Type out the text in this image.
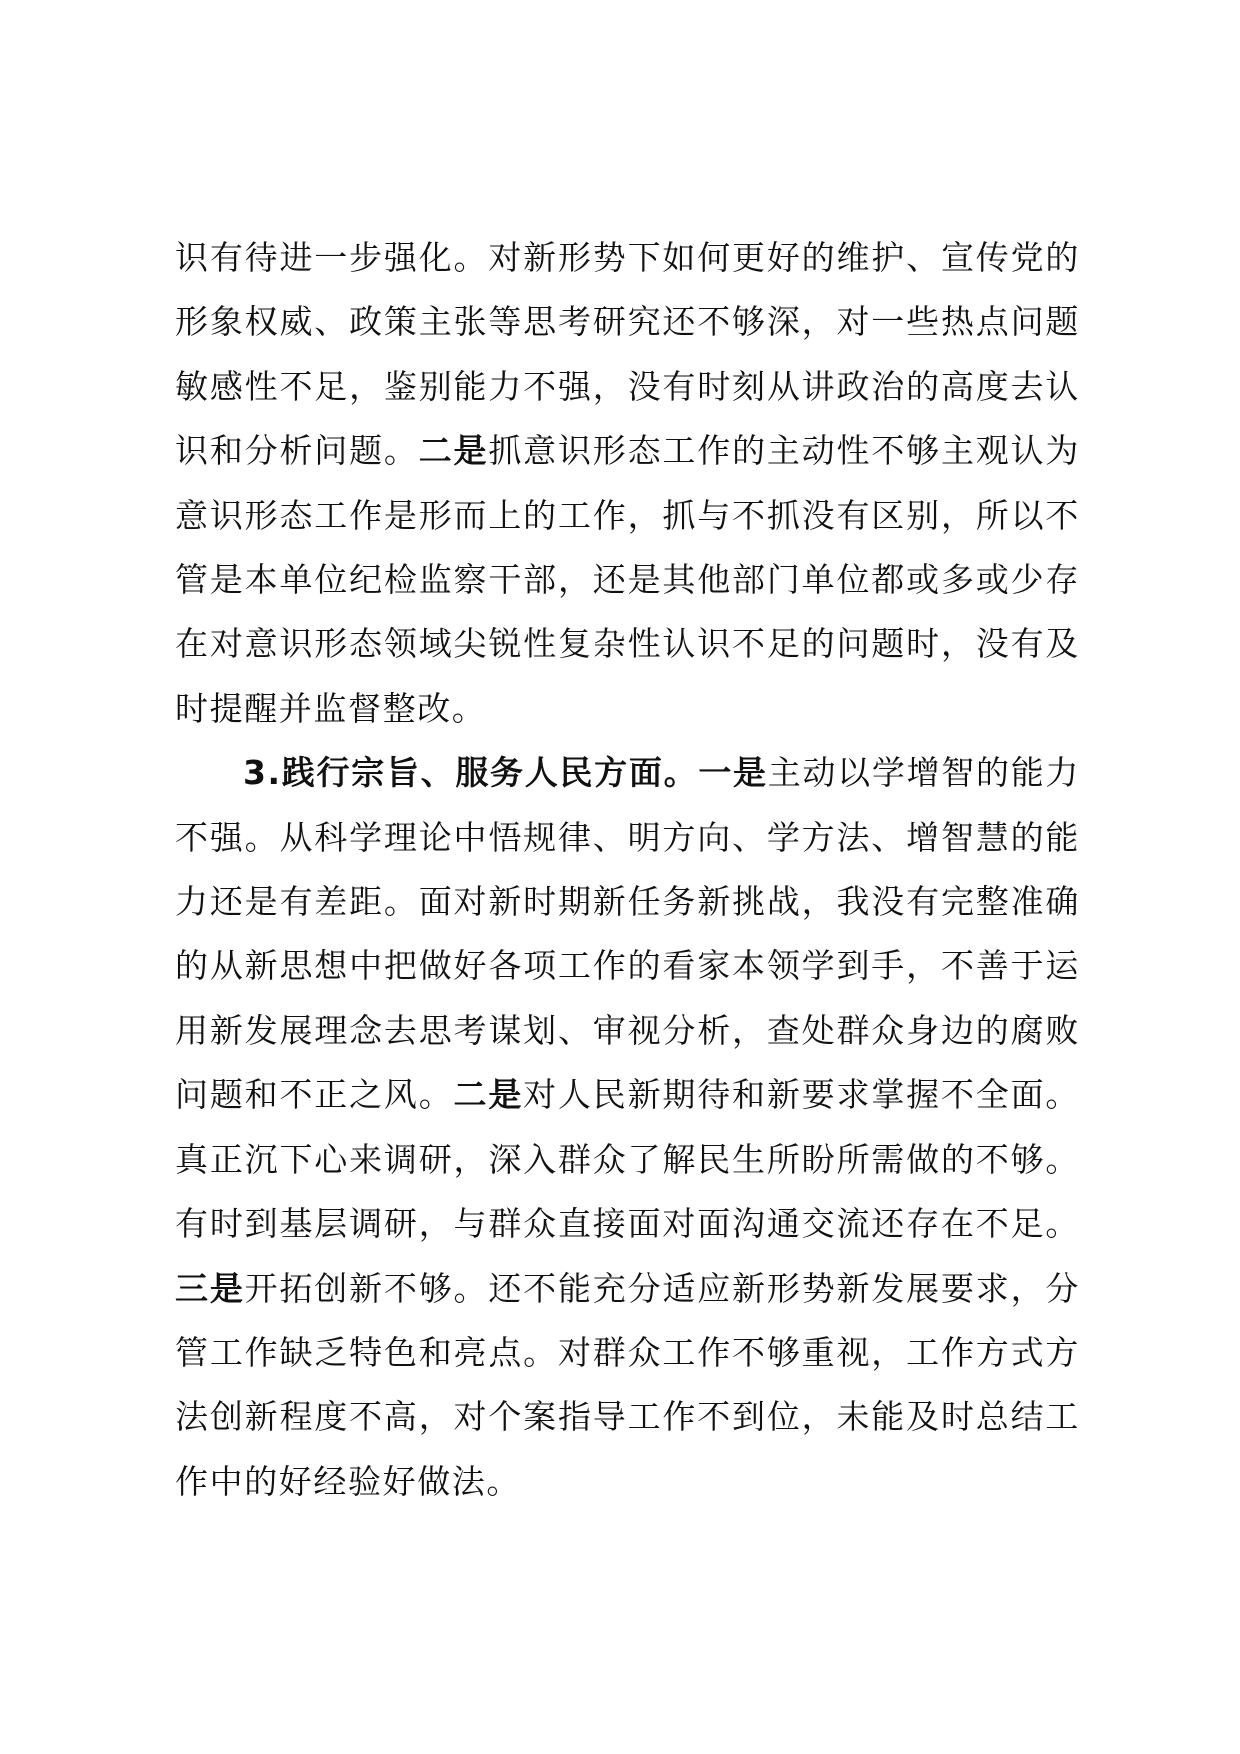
识有待进一步强化。对新形势下如何更好的维护、宣传党的形象权威、政策主张等思考研究还不够深，对一些热点问题敏感性不足，鉴别能力不强，没有时刻从讲政治的高度去认识和分析问题。二是抓意识形态工作的主动性不够主观认为意识形态工作是形而上的工作，抓与不抓没有区别，所以不管是本单位纪检监察干部，还是其他部门单位都或多或少存在对意识形态领域尖锐性复杂性认识不足的问题时，没有及时提醒并监督整改。

3.践行宗旨、服务人民方面。一是主动以学增智的能力不强。从科学理论中悟规律、明方向、学方法、增智慧的能力还是有差距。面对新时期新任务新挑战，我没有完整准确的从新思想中把做好各项工作的看家本领学到手，不善于运用新发展理念去思考谋划、审视分析，查处群众身边的腐败问题和不正之风。二是对人民新期待和新要求掌握不全面。真正沉下心来调研，深入群众了解民生所盼所需做的不够。有时到基层调研，与群众直接面对面沟通交流还存在不足。三是开拓创新不够。还不能充分适应新形势新发展要求，分管工作缺乏特色和亮点。对群众工作不够重视，工作方式方法创新程度不高，对个案指导工作不到位，未能及时总结工作中的好经验好做法。
